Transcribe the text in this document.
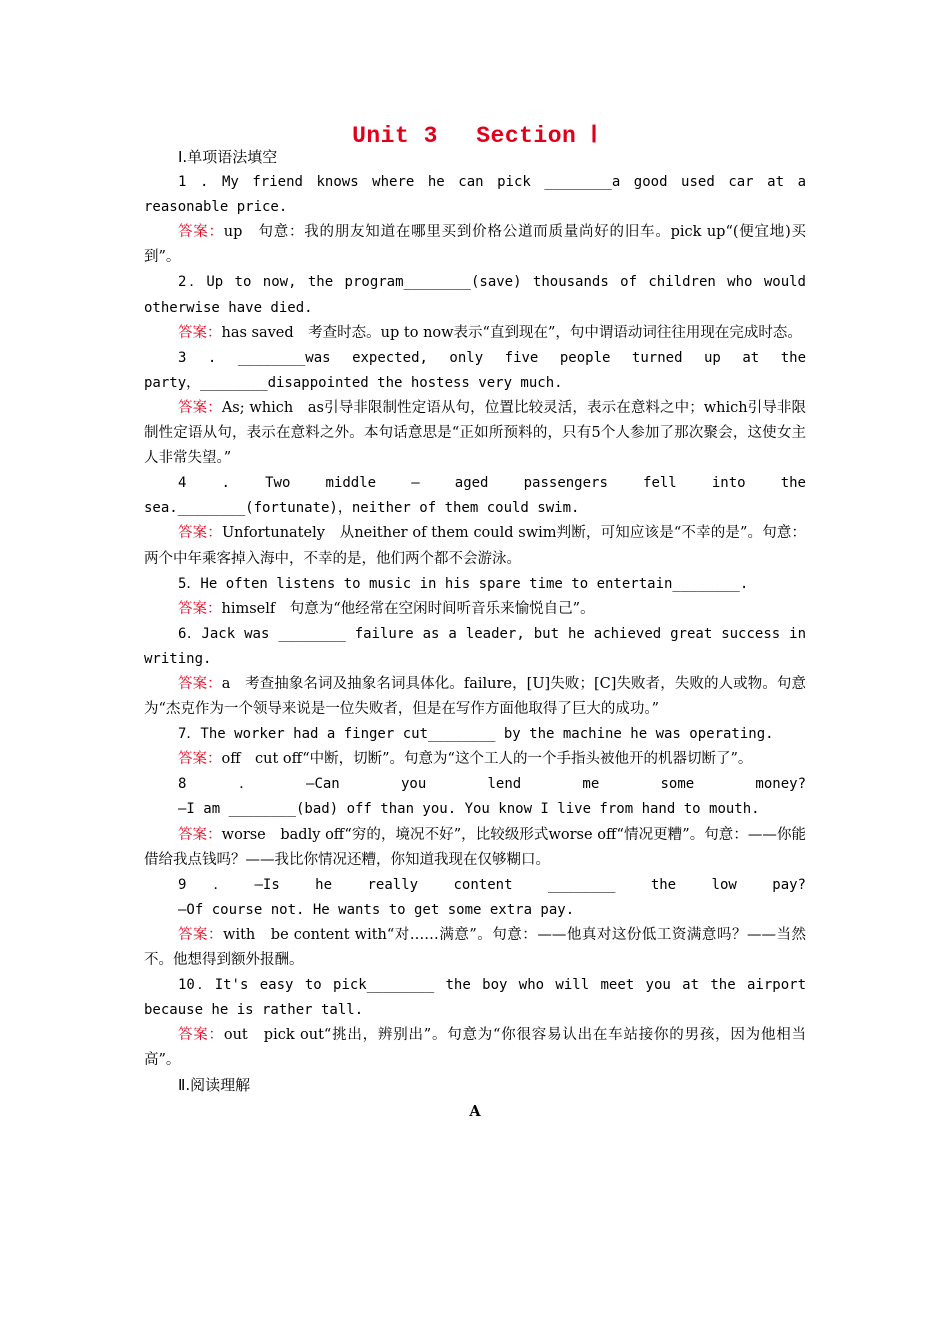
Unit 3 Section Ⅰ

Ⅰ.单项语法填空

1 . My friend knows where he can pick ________a good used car at a

reasonable price.

答案：up　句意：我的朋友知道在哪里买到价格公道而质量尚好的旧车。pick up“(便宜地)买到”。

2．Up to now, the program________(save) thousands of children who would

otherwise have died.

答案：has saved　考查时态。up to now表示“直到现在”，句中谓语动词往往用现在完成时态。

3 . ________was expected, only five people turned up at the

party，________disappointed the hostess very much.

答案：As; which　as引导非限制性定语从句，位置比较灵活，表示在意料之中；which引导非限制性定语从句，表示在意料之外。本句话意思是“正如所预料的，只有5个人参加了那次聚会，这使女主人非常失望。”

4 . Two middle — aged passengers fell into the

sea.________(fortunate)，neither of them could swim.

答案：Unfortunately　从neither of them could swim判断，可知应该是“不幸的是”。句意：两个中年乘客掉入海中，不幸的是，他们两个都不会游泳。

5．He often listens to music in his spare time to entertain________.

答案：himself　句意为“他经常在空闲时间听音乐来愉悦自己”。

6．Jack was ________ failure as a leader, but he achieved great success in

writing.

答案：a　考查抽象名词及抽象名词具体化。failure，[U]失败；[C]失败者，失败的人或物。句意为“杰克作为一个领导来说是一位失败者，但是在写作方面他取得了巨大的成功。”

7．The worker had a finger cut________ by the machine he was operating.

答案：off　cut off“中断，切断”。句意为“这个工人的一个手指头被他开的机器切断了”。

8．—Can you lend me some money?

—I am ________(bad) off than you. You know I live from hand to mouth.

答案：worse　badly off“穷的，境况不好”，比较级形式worse off“情况更糟”。句意：——你能借给我点钱吗？——我比你情况还糟，你知道我现在仅够糊口。

9．—Is he really content ________ the low pay?

—Of course not. He wants to get some extra pay.

答案：with　be content with“对……满意”。句意：——他真对这份低工资满意吗？——当然不。他想得到额外报酬。

10．It's easy to pick________ the boy who will meet you at the airport

because he is rather tall.

答案：out　pick out“挑出，辨别出”。句意为“你很容易认出在车站接你的男孩，因为他相当高”。

Ⅱ.阅读理解

A
